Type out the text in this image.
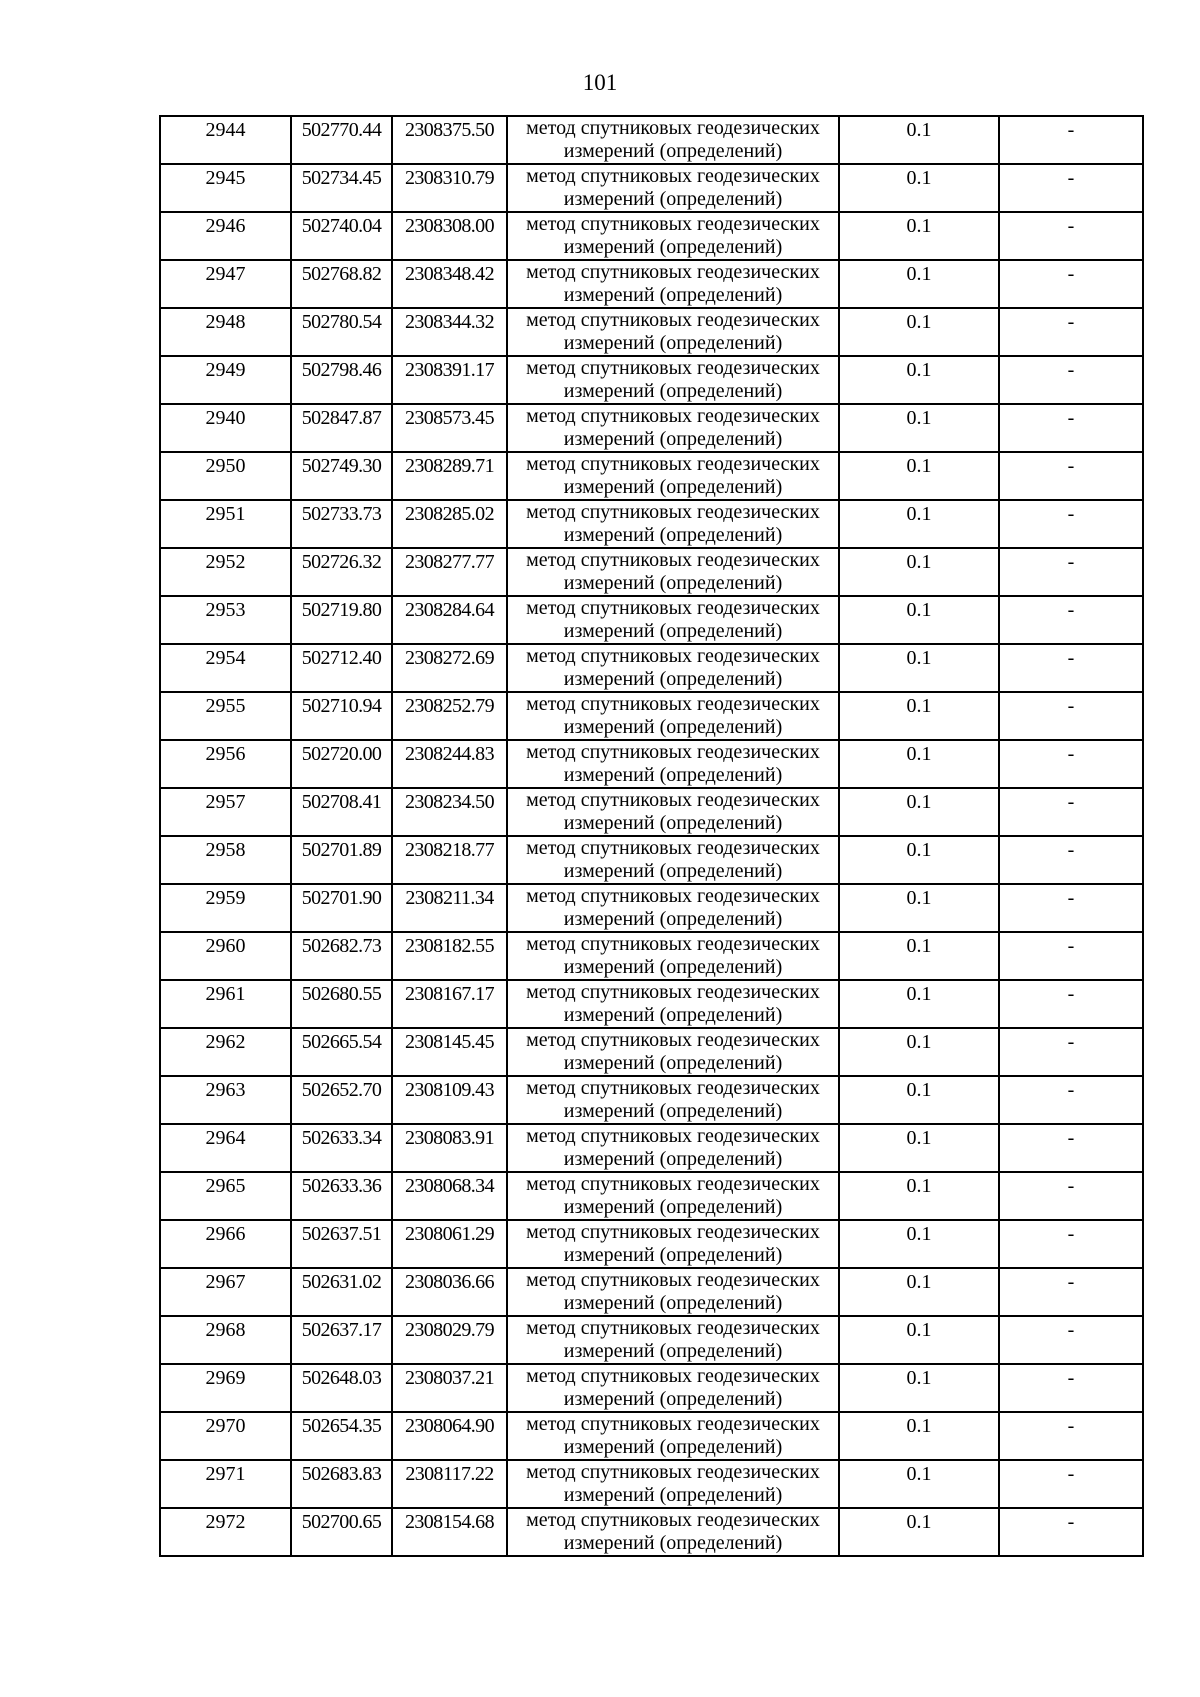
101
2944	502770.44	2308375.50	метод спутниковых геодезических измерений (определений)	0.1	-
2945	502734.45	2308310.79	метод спутниковых геодезических измерений (определений)	0.1	-
2946	502740.04	2308308.00	метод спутниковых геодезических измерений (определений)	0.1	-
2947	502768.82	2308348.42	метод спутниковых геодезических измерений (определений)	0.1	-
2948	502780.54	2308344.32	метод спутниковых геодезических измерений (определений)	0.1	-
2949	502798.46	2308391.17	метод спутниковых геодезических измерений (определений)	0.1	-
2940	502847.87	2308573.45	метод спутниковых геодезических измерений (определений)	0.1	-
2950	502749.30	2308289.71	метод спутниковых геодезических измерений (определений)	0.1	-
2951	502733.73	2308285.02	метод спутниковых геодезических измерений (определений)	0.1	-
2952	502726.32	2308277.77	метод спутниковых геодезических измерений (определений)	0.1	-
2953	502719.80	2308284.64	метод спутниковых геодезических измерений (определений)	0.1	-
2954	502712.40	2308272.69	метод спутниковых геодезических измерений (определений)	0.1	-
2955	502710.94	2308252.79	метод спутниковых геодезических измерений (определений)	0.1	-
2956	502720.00	2308244.83	метод спутниковых геодезических измерений (определений)	0.1	-
2957	502708.41	2308234.50	метод спутниковых геодезических измерений (определений)	0.1	-
2958	502701.89	2308218.77	метод спутниковых геодезических измерений (определений)	0.1	-
2959	502701.90	2308211.34	метод спутниковых геодезических измерений (определений)	0.1	-
2960	502682.73	2308182.55	метод спутниковых геодезических измерений (определений)	0.1	-
2961	502680.55	2308167.17	метод спутниковых геодезических измерений (определений)	0.1	-
2962	502665.54	2308145.45	метод спутниковых геодезических измерений (определений)	0.1	-
2963	502652.70	2308109.43	метод спутниковых геодезических измерений (определений)	0.1	-
2964	502633.34	2308083.91	метод спутниковых геодезических измерений (определений)	0.1	-
2965	502633.36	2308068.34	метод спутниковых геодезических измерений (определений)	0.1	-
2966	502637.51	2308061.29	метод спутниковых геодезических измерений (определений)	0.1	-
2967	502631.02	2308036.66	метод спутниковых геодезических измерений (определений)	0.1	-
2968	502637.17	2308029.79	метод спутниковых геодезических измерений (определений)	0.1	-
2969	502648.03	2308037.21	метод спутниковых геодезических измерений (определений)	0.1	-
2970	502654.35	2308064.90	метод спутниковых геодезических измерений (определений)	0.1	-
2971	502683.83	2308117.22	метод спутниковых геодезических измерений (определений)	0.1	-
2972	502700.65	2308154.68	метод спутниковых геодезических измерений (определений)	0.1	-
